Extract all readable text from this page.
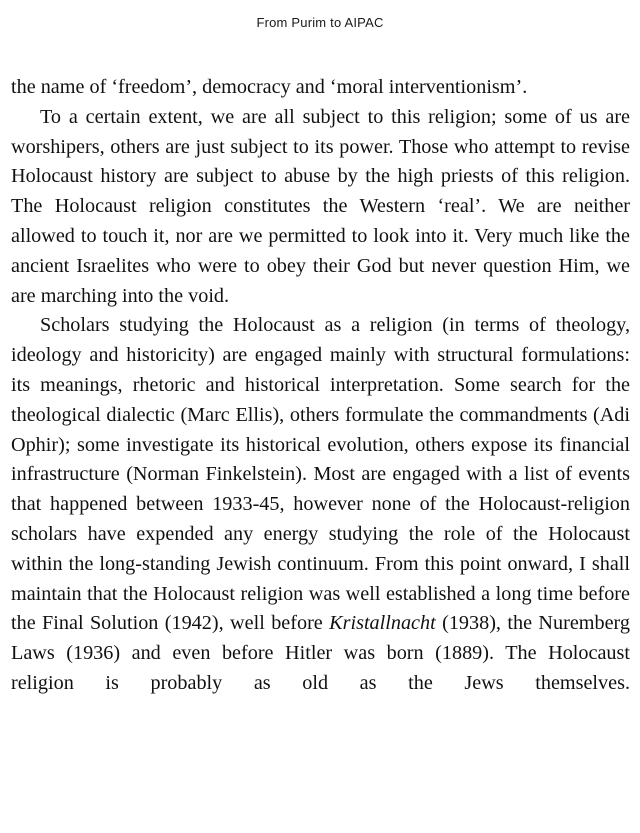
From Purim to AIPAC

the name of ‘freedom’, democracy and ‘moral interventionism’.

To a certain extent, we are all subject to this religion; some of us are worshipers, others are just subject to its power. Those who attempt to revise Holocaust history are subject to abuse by the high priests of this religion. The Holocaust religion constitutes the Western ‘real’. We are neither allowed to touch it, nor are we permitted to look into it. Very much like the ancient Israelites who were to obey their God but never question Him, we are marching into the void.

Scholars studying the Holocaust as a religion (in terms of theology, ideology and historicity) are engaged mainly with structural formulations: its meanings, rhetoric and historical interpretation. Some search for the theological dialectic (Marc Ellis), others formulate the commandments (Adi Ophir); some investigate its historical evolution, others expose its financial infrastructure (Norman Finkelstein). Most are engaged with a list of events that happened between 1933-45, however none of the Holocaust-religion scholars have expended any energy studying the role of the Holocaust within the long-standing Jewish continuum. From this point onward, I shall maintain that the Holocaust religion was well established a long time before the Final Solution (1942), well before Kristallnacht (1938), the Nuremberg Laws (1936) and even before Hitler was born (1889). The Holocaust religion is probably as old as the Jews themselves.
